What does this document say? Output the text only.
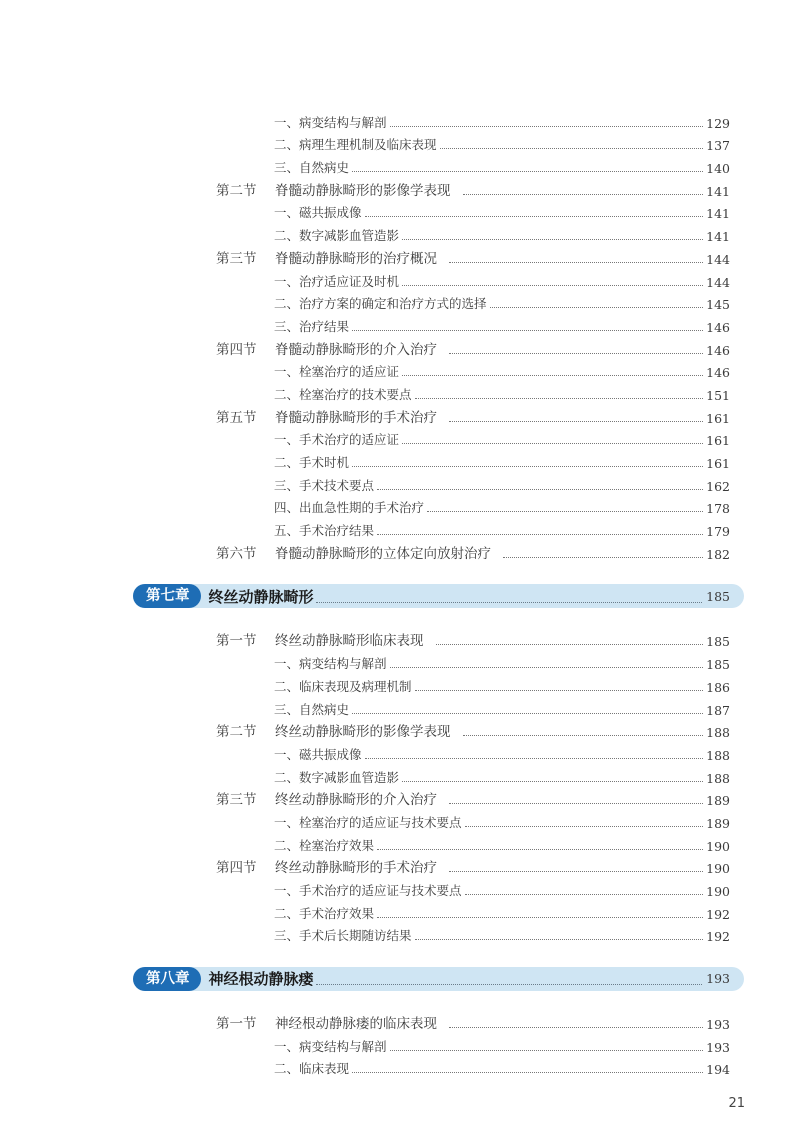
一、病变结构与解剖	129
二、病理生理机制及临床表现	137
三、自然病史	140
第二节 脊髓动静脉畸形的影像学表现	141
一、磁共振成像	141
二、数字减影血管造影	141
第三节 脊髓动静脉畸形的治疗概况	144
一、治疗适应证及时机	144
二、治疗方案的确定和治疗方式的选择	145
三、治疗结果	146
第四节 脊髓动静脉畸形的介入治疗	146
一、栓塞治疗的适应证	146
二、栓塞治疗的技术要点	151
第五节 脊髓动静脉畸形的手术治疗	161
一、手术治疗的适应证	161
二、手术时机	161
三、手术技术要点	162
四、出血急性期的手术治疗	178
五、手术治疗结果	179
第六节 脊髓动静脉畸形的立体定向放射治疗	182
第七章	终丝动静脉畸形	185
第一节 终丝动静脉畸形临床表现	185
一、病变结构与解剖	185
二、临床表现及病理机制	186
三、自然病史	187
第二节 终丝动静脉畸形的影像学表现	188
一、磁共振成像	188
二、数字减影血管造影	188
第三节 终丝动静脉畸形的介入治疗	189
一、栓塞治疗的适应证与技术要点	189
二、栓塞治疗效果	190
第四节 终丝动静脉畸形的手术治疗	190
一、手术治疗的适应证与技术要点	190
二、手术治疗效果	192
三、手术后长期随访结果	192
第八章	神经根动静脉瘘	193
第一节 神经根动静脉瘘的临床表现	193
一、病变结构与解剖	193
二、临床表现	194
21
